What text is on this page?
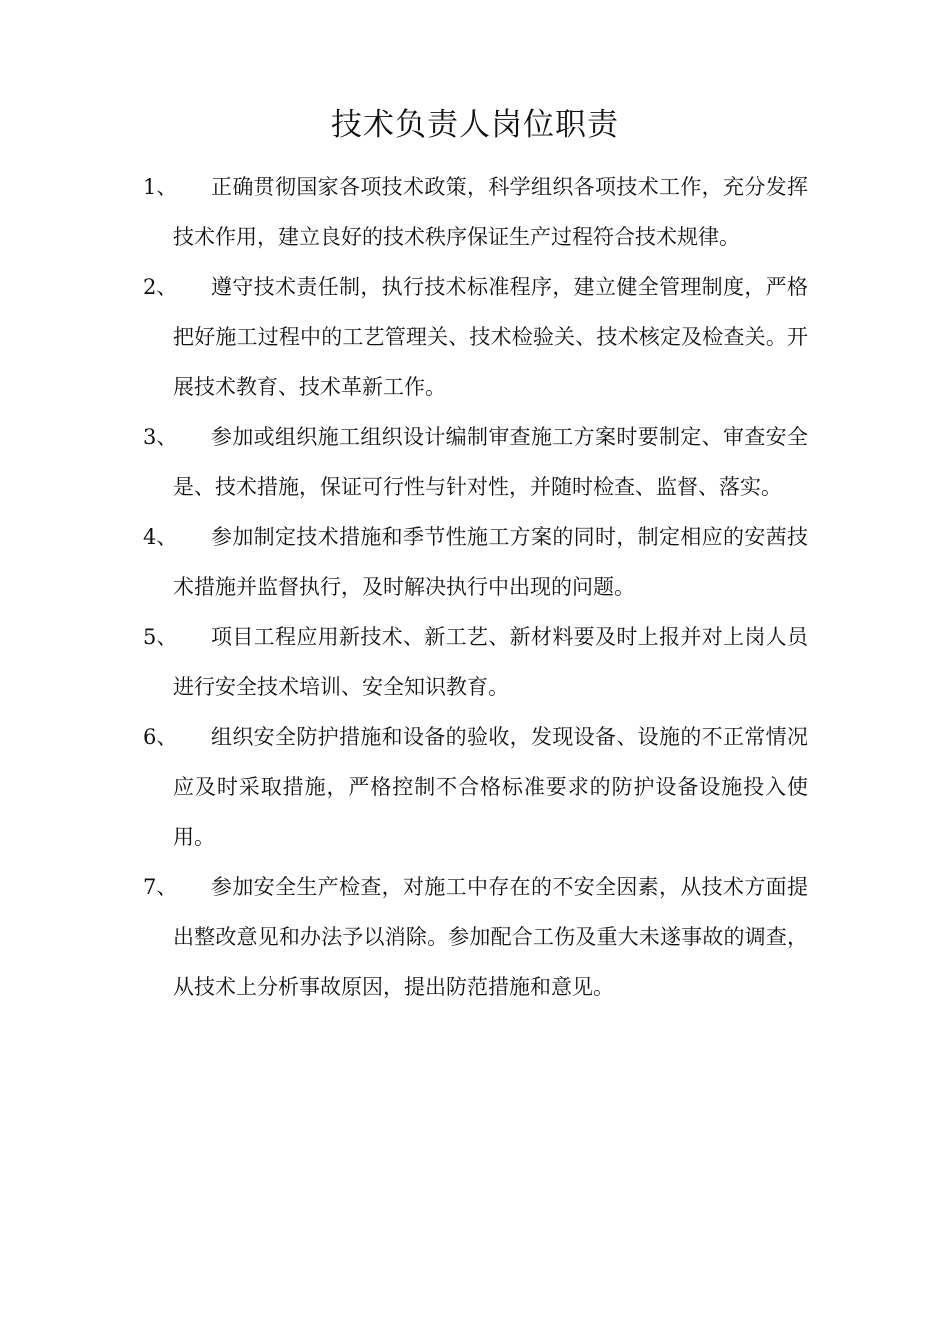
技术负责人岗位职责
1、	正确贯彻国家各项技术政策，科学组织各项技术工作，充分发挥技术作用，建立良好的技术秩序保证生产过程符合技术规律。
2、	遵守技术责任制，执行技术标准程序，建立健全管理制度，严格把好施工过程中的工艺管理关、技术检验关、技术核定及检查关。开展技术教育、技术革新工作。
3、	参加或组织施工组织设计编制审查施工方案时要制定、审查安全是、技术措施，保证可行性与针对性，并随时检查、监督、落实。
4、	参加制定技术措施和季节性施工方案的同时，制定相应的安茜技术措施并监督执行，及时解决执行中出现的问题。
5、	项目工程应用新技术、新工艺、新材料要及时上报并对上岗人员进行安全技术培训、安全知识教育。
6、	组织安全防护措施和设备的验收，发现设备、设施的不正常情况应及时采取措施，严格控制不合格标准要求的防护设备设施投入使用。
7、	参加安全生产检查，对施工中存在的不安全因素，从技术方面提出整改意见和办法予以消除。参加配合工伤及重大未遂事故的调查，从技术上分析事故原因，提出防范措施和意见。
